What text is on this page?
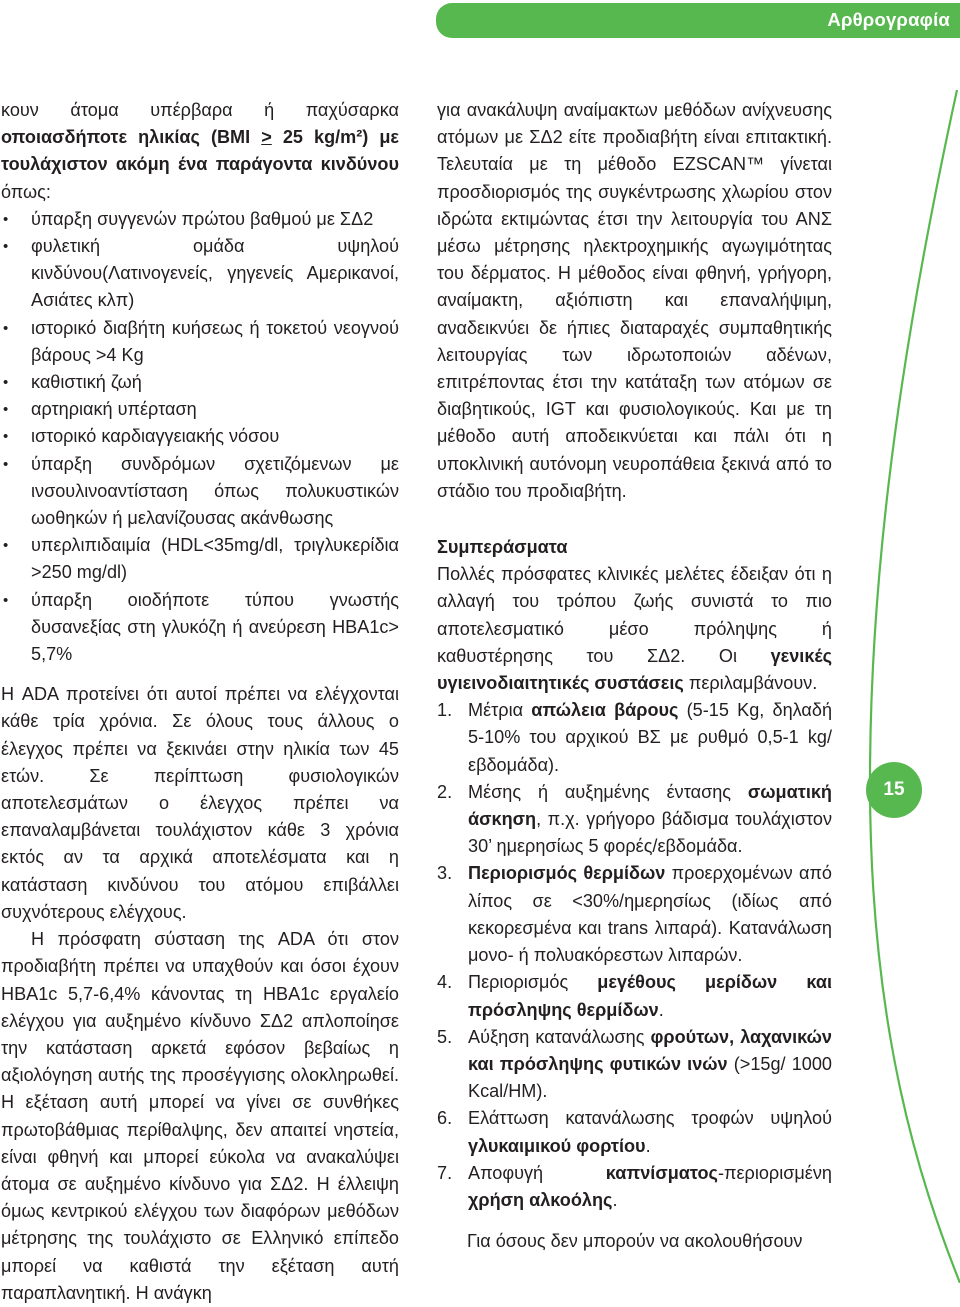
Αρθρογραφία
15

κουν άτομα υπέρβαρα ή παχύσαρκα οποιασδήποτε ηλικίας (BMI > 25 kg/m²) με τουλάχιστον ακόμη ένα παράγοντα κινδύνου όπως:

• ύπαρξη συγγενών πρώτου βαθμού με ΣΔ2
• φυλετική ομάδα υψηλού κινδύνου(Λατινογενείς, γηγενείς Αμερικανοί, Ασιάτες κλπ)
• ιστορικό διαβήτη κυήσεως ή τοκετού νεογνού βάρους >4 Kg
• καθιστική ζωή
• αρτηριακή υπέρταση
• ιστορικό καρδιαγγειακής νόσου
• ύπαρξη συνδρόμων σχετιζόμενων με ινσουλινοαντίσταση όπως πολυκυστικών ωοθηκών ή μελανίζουσας ακάνθωσης
• υπερλιπιδαιμία (HDL<35mg/dl, τριγλυκερίδια >250 mg/dl)
• ύπαρξη οιοδήποτε τύπου γνωστής δυσανεξίας στη γλυκόζη ή ανεύρεση HBA1c> 5,7%

Η ADA προτείνει ότι αυτοί πρέπει να ελέγχονται κάθε τρία χρόνια. Σε όλους τους άλλους ο έλεγχος πρέπει να ξεκινάει στην ηλικία των 45 ετών. Σε περίπτωση φυσιολογικών αποτελεσμάτων ο έλεγχος πρέπει να επαναλαμβάνεται τουλάχιστον κάθε 3 χρόνια εκτός αν τα αρχικά αποτελέσματα και η κατάσταση κινδύνου του ατόμου επιβάλλει συχνότερους ελέγχους.

Η πρόσφατη σύσταση της ADA ότι στον προδιαβήτη πρέπει να υπαχθούν και όσοι έχουν HBA1c 5,7-6,4% κάνοντας τη HBA1c εργαλείο ελέγχου για αυξημένο κίνδυνο ΣΔ2 απλοποίησε την κατάσταση αρκετά εφόσον βεβαίως η αξιολόγηση αυτής της προσέγγισης ολοκληρωθεί. Η εξέταση αυτή μπορεί να γίνει σε συνθήκες πρωτοβάθμιας περίθαλψης, δεν απαιτεί νηστεία, είναι φθηνή και μπορεί εύκολα να ανακαλύψει άτομα σε αυξημένο κίνδυνο για ΣΔ2. Η έλλειψη όμως κεντρικού ελέγχου των διαφόρων μεθόδων μέτρησης της τουλάχιστο σε Ελληνικό επίπεδο μπορεί να καθιστά την εξέταση αυτή παραπλανητική. Η ανάγκη

για ανακάλυψη αναίμακτων μεθόδων ανίχνευσης ατόμων με ΣΔ2 είτε προδιαβήτη είναι επιτακτική. Τελευταία με τη μέθοδο EZSCAN™ γίνεται προσδιορισμός της συγκέντρωσης χλωρίου στον ιδρώτα εκτιμώντας έτσι την λειτουργία του ΑΝΣ μέσω μέτρησης ηλεκτροχημικής αγωγιμότητας του δέρματος. Η μέθοδος είναι φθηνή, γρήγορη, αναίμακτη, αξιόπιστη και επαναλήψιμη, αναδεικνύει δε ήπιες διαταραχές συμπαθητικής λειτουργίας των ιδρωτοποιών αδένων, επιτρέποντας έτσι την κατάταξη των ατόμων σε διαβητικούς, IGT και φυσιολογικούς. Και με τη μέθοδο αυτή αποδεικνύεται και πάλι ότι η υποκλινική αυτόνομη νευροπάθεια ξεκινά από το στάδιο του προδιαβήτη.

Συμπεράσματα

Πολλές πρόσφατες κλινικές μελέτες έδειξαν ότι η αλλαγή του τρόπου ζωής συνιστά το πιο αποτελεσματικό μέσο πρόληψης ή καθυστέρησης του ΣΔ2. Οι γενικές υγιεινοδιαιτητικές συστάσεις περιλαμβάνουν.

1. Μέτρια απώλεια βάρους (5-15 Kg, δηλαδή 5-10% του αρχικού ΒΣ με ρυθμό 0,5-1 kg/εβδομάδα).
2. Μέσης ή αυξημένης έντασης σωματική άσκηση, π.χ. γρήγορο βάδισμα τουλάχιστον 30’ ημερησίως 5 φορές/εβδομάδα.
3. Περιορισμός θερμίδων προερχομένων από λίπος σε <30%/ημερησίως (ιδίως από κεκορεσμένα και trans λιπαρά). Κατανάλωση μονο- ή πολυακόρεστων λιπαρών.
4. Περιορισμός μεγέθους μερίδων και πρόσληψης θερμίδων.
5. Αύξηση κατανάλωσης φρούτων, λαχανικών και πρόσληψης φυτικών ινών (>15g/ 1000 Kcal/HM).
6. Ελάττωση κατανάλωσης τροφών υψηλού γλυκαιμικού φορτίου.
7. Αποφυγή καπνίσματος-περιορισμένη χρήση αλκοόλης.

Για όσους δεν μπορούν να ακολουθήσουν
